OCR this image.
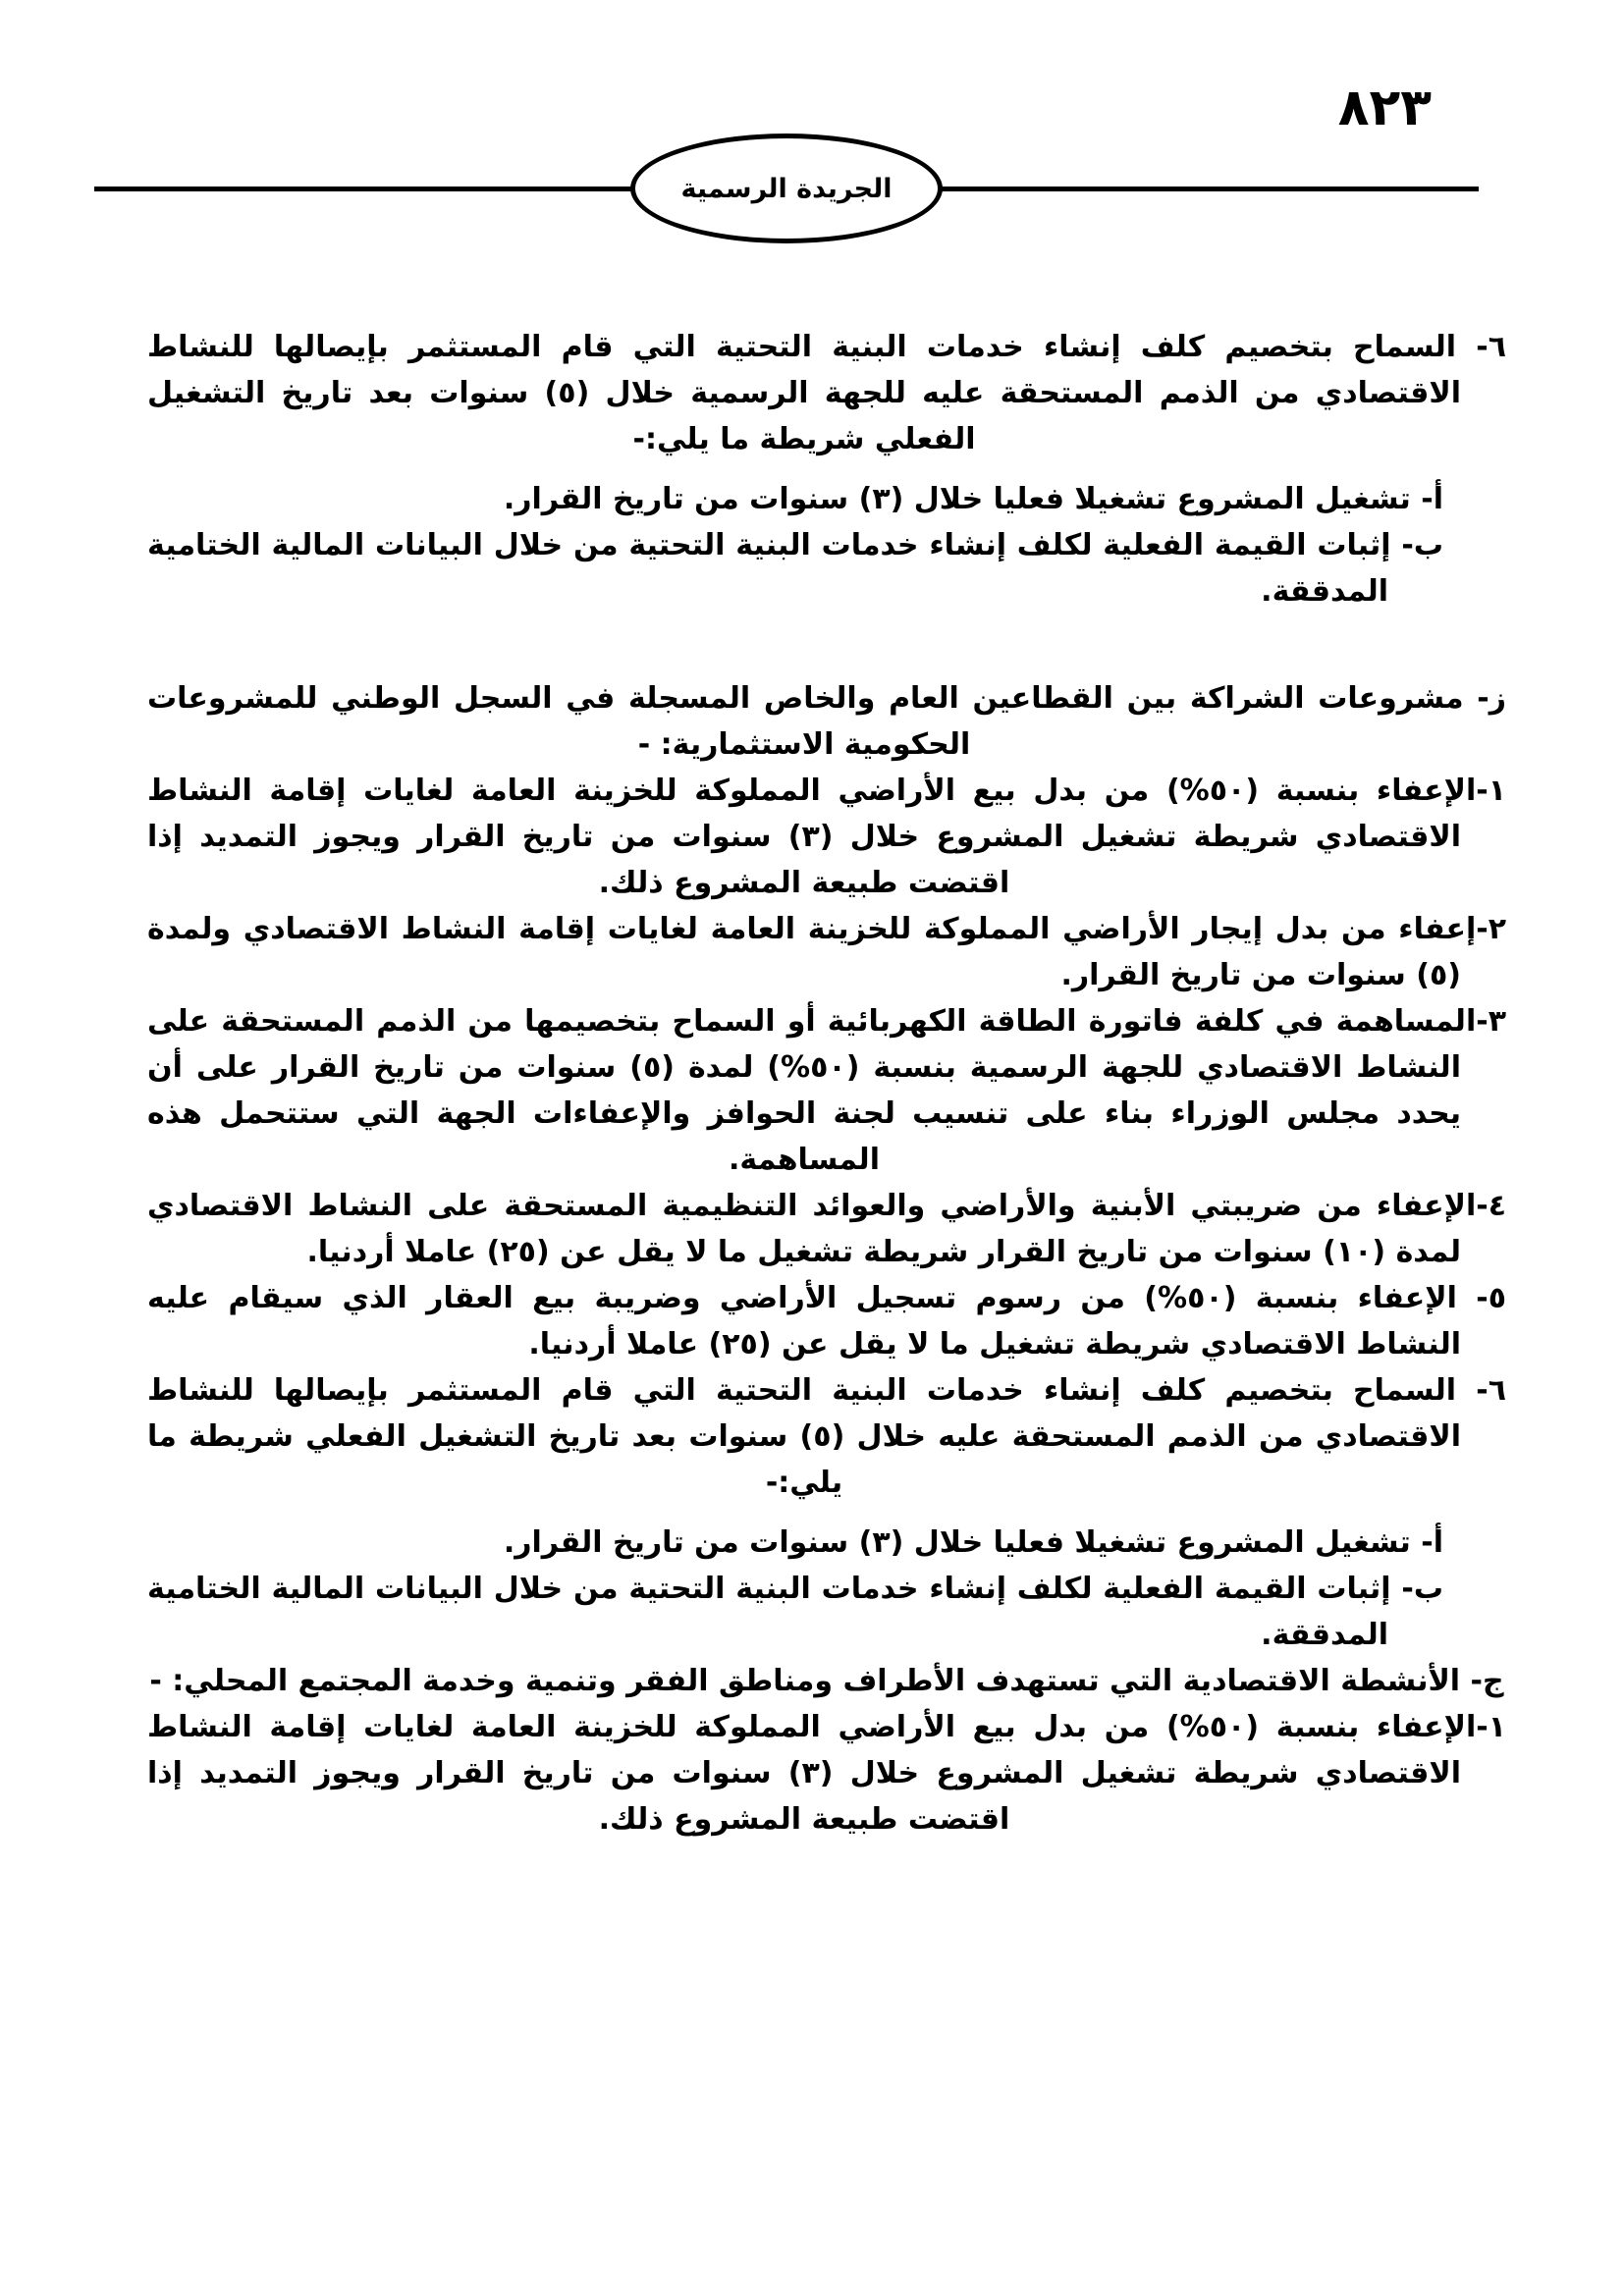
٨٢٣
الجريدة الرسمية

٦- السماح بتخصيم كلف إنشاء خدمات البنية التحتية التي قام المستثمر بإيصالها للنشاط الاقتصادي من الذمم المستحقة عليه للجهة الرسمية خلال (٥) سنوات بعد تاريخ التشغيل الفعلي شريطة ما يلي:-

أ- تشغيل المشروع تشغيلا فعليا خلال (٣) سنوات من تاريخ القرار.

ب- إثبات القيمة الفعلية لكلف إنشاء خدمات البنية التحتية من خلال البيانات المالية الختامية المدققة.

ز- مشروعات الشراكة بين القطاعين العام والخاص المسجلة في السجل الوطني للمشروعات الحكومية الاستثمارية: -

١-الإعفاء بنسبة (٥٠%) من بدل بيع الأراضي المملوكة للخزينة العامة لغايات إقامة النشاط الاقتصادي شريطة تشغيل المشروع خلال (٣) سنوات من تاريخ القرار ويجوز التمديد إذا اقتضت طبيعة المشروع ذلك.

٢-إعفاء من بدل إيجار الأراضي المملوكة للخزينة العامة لغايات إقامة النشاط الاقتصادي ولمدة (٥) سنوات من تاريخ القرار.

٣-المساهمة في كلفة فاتورة الطاقة الكهربائية أو السماح بتخصيمها من الذمم المستحقة على النشاط الاقتصادي للجهة الرسمية بنسبة (٥٠%) لمدة (٥) سنوات من تاريخ القرار على أن يحدد مجلس الوزراء بناء على تنسيب لجنة الحوافز والإعفاءات الجهة التي ستتحمل هذه المساهمة.

٤-الإعفاء من ضريبتي الأبنية والأراضي والعوائد التنظيمية المستحقة على النشاط الاقتصادي لمدة (١٠) سنوات من تاريخ القرار شريطة تشغيل ما لا يقل عن (٢٥) عاملا أردنيا.

٥- الإعفاء بنسبة (٥٠%) من رسوم تسجيل الأراضي وضريبة بيع العقار الذي سيقام عليه النشاط الاقتصادي شريطة تشغيل ما لا يقل عن (٢٥) عاملا أردنيا.

٦- السماح بتخصيم كلف إنشاء خدمات البنية التحتية التي قام المستثمر بإيصالها للنشاط الاقتصادي من الذمم المستحقة عليه خلال (٥) سنوات بعد تاريخ التشغيل الفعلي شريطة ما يلي:-

أ- تشغيل المشروع تشغيلا فعليا خلال (٣) سنوات من تاريخ القرار.

ب- إثبات القيمة الفعلية لكلف إنشاء خدمات البنية التحتية من خلال البيانات المالية الختامية المدققة.

ج- الأنشطة الاقتصادية التي تستهدف الأطراف ومناطق الفقر وتنمية وخدمة المجتمع المحلي: -

١-الإعفاء بنسبة (٥٠%) من بدل بيع الأراضي المملوكة للخزينة العامة لغايات إقامة النشاط الاقتصادي شريطة تشغيل المشروع خلال (٣) سنوات من تاريخ القرار ويجوز التمديد إذا اقتضت طبيعة المشروع ذلك.
